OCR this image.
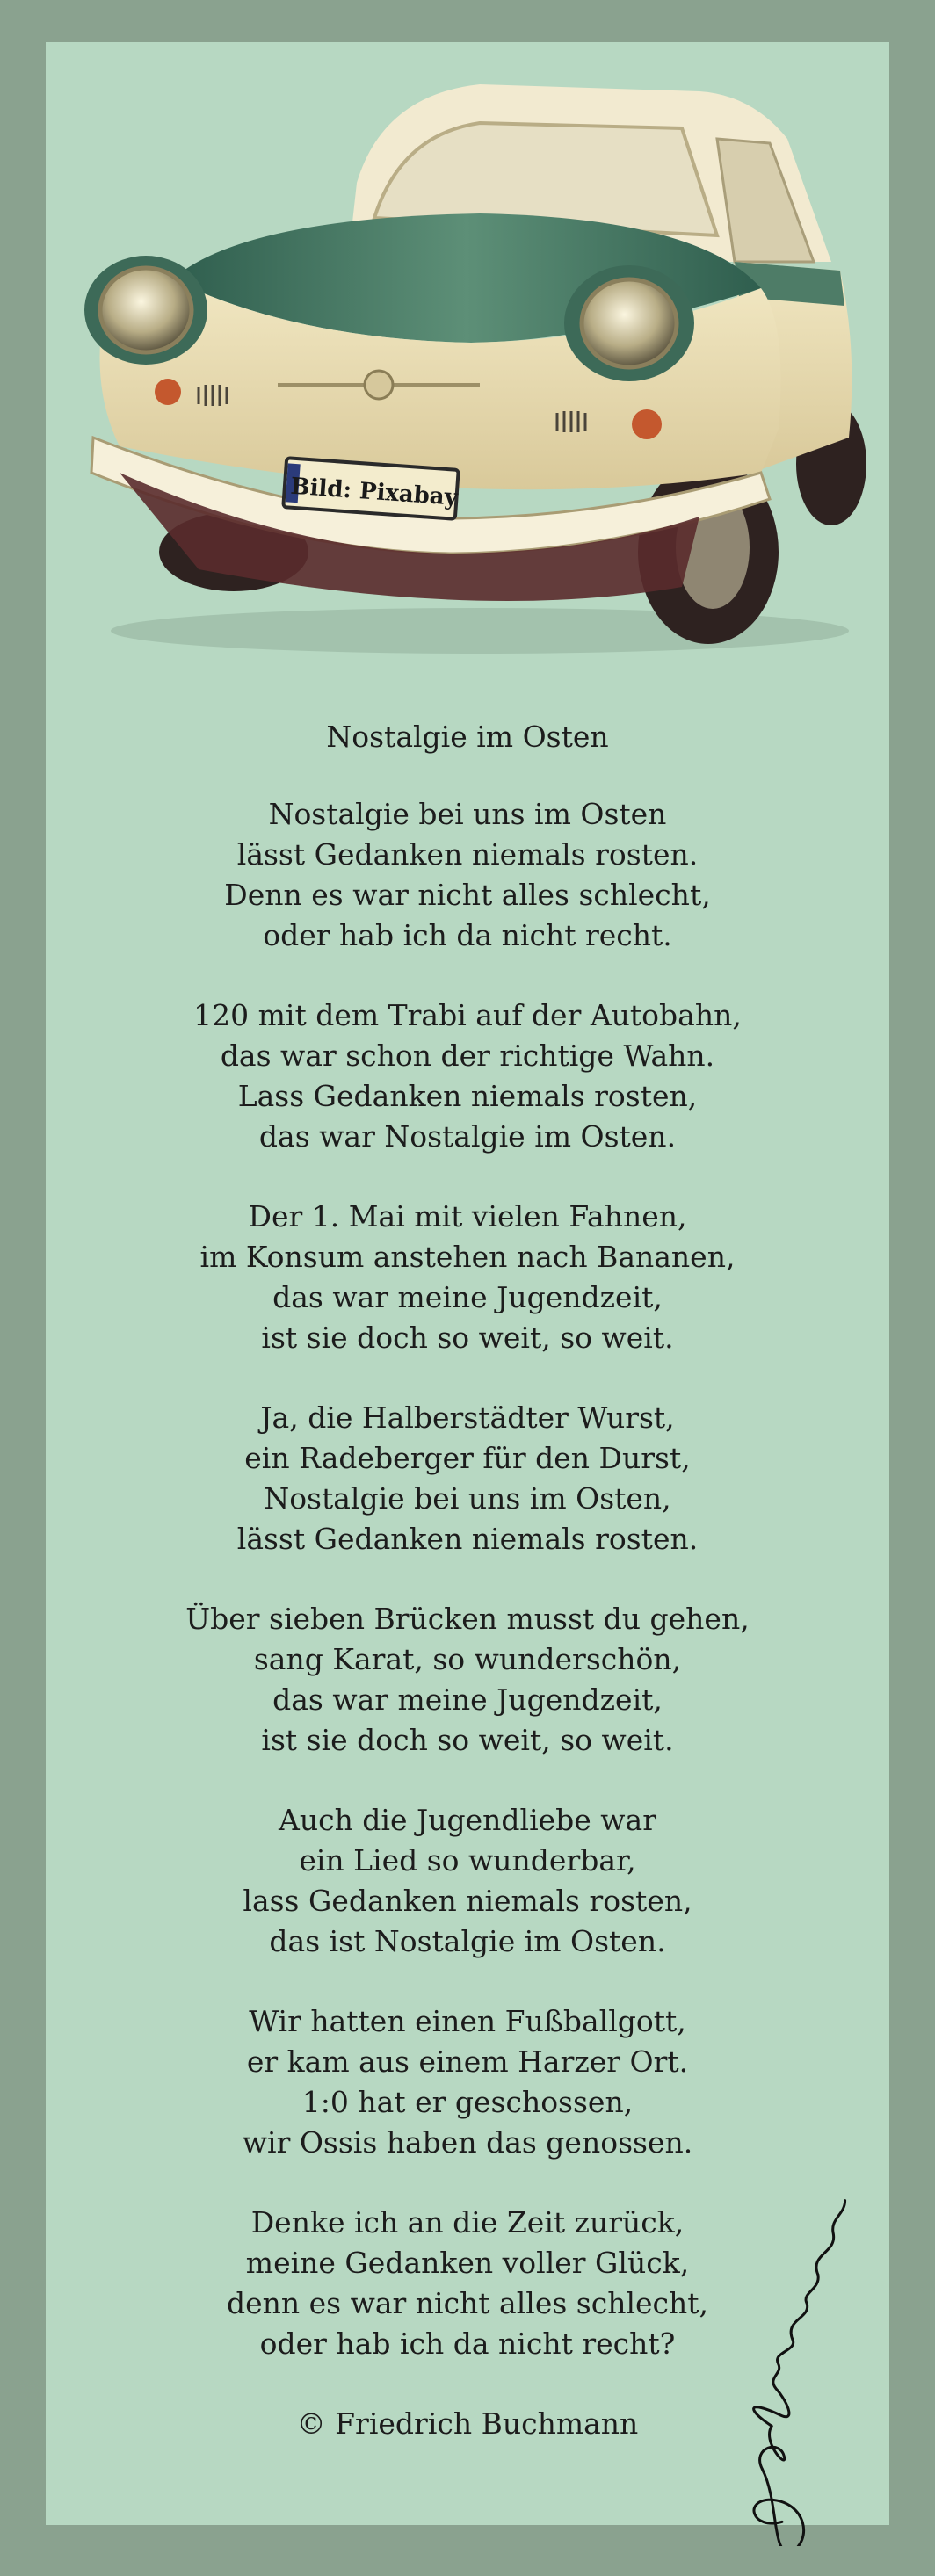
Bild: Pixabay
Nostalgie im Osten
Nostalgie bei uns im Osten
lässt Gedanken niemals rosten.
Denn es war nicht alles schlecht,
oder hab ich da nicht recht.
120 mit dem Trabi auf der Autobahn,
das war schon der richtige Wahn.
Lass Gedanken niemals rosten,
das war Nostalgie im Osten.
Der 1. Mai mit vielen Fahnen,
im Konsum anstehen nach Bananen,
das war meine Jugendzeit,
ist sie doch so weit, so weit.
Ja, die Halberstädter Wurst,
ein Radeberger für den Durst,
Nostalgie bei uns im Osten,
lässt Gedanken niemals rosten.
Über sieben Brücken musst du gehen,
sang Karat, so wunderschön,
das war meine Jugendzeit,
ist sie doch so weit, so weit.
Auch die Jugendliebe war
ein Lied so wunderbar,
lass Gedanken niemals rosten,
das ist Nostalgie im Osten.
Wir hatten einen Fußballgott,
er kam aus einem Harzer Ort.
1:0 hat er geschossen,
wir Ossis haben das genossen.
Denke ich an die Zeit zurück,
meine Gedanken voller Glück,
denn es war nicht alles schlecht,
oder hab ich da nicht recht?
© Friedrich Buchmann
